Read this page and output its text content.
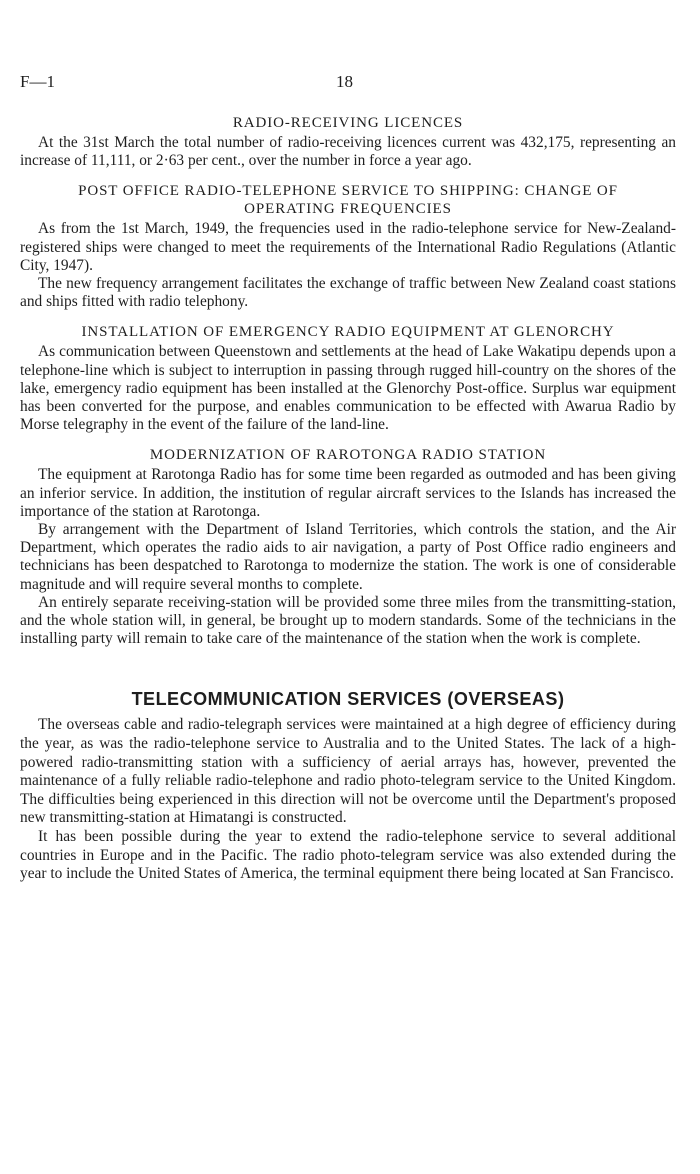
F—1	18
RADIO-RECEIVING LICENCES

At the 31st March the total number of radio-receiving licences current was 432,175, representing an increase of 11,111, or 2·63 per cent., over the number in force a year ago.

POST OFFICE RADIO-TELEPHONE SERVICE TO SHIPPING: CHANGE OF OPERATING FREQUENCIES

As from the 1st March, 1949, the frequencies used in the radio-telephone service for New-Zealand-registered ships were changed to meet the requirements of the International Radio Regulations (Atlantic City, 1947).

The new frequency arrangement facilitates the exchange of traffic between New Zealand coast stations and ships fitted with radio telephony.

INSTALLATION OF EMERGENCY RADIO EQUIPMENT AT GLENORCHY

As communication between Queenstown and settlements at the head of Lake Wakatipu depends upon a telephone-line which is subject to interruption in passing through rugged hill-country on the shores of the lake, emergency radio equipment has been installed at the Glenorchy Post-office. Surplus war equipment has been converted for the purpose, and enables communication to be effected with Awarua Radio by Morse telegraphy in the event of the failure of the land-line.

MODERNIZATION OF RAROTONGA RADIO STATION

The equipment at Rarotonga Radio has for some time been regarded as outmoded and has been giving an inferior service. In addition, the institution of regular aircraft services to the Islands has increased the importance of the station at Rarotonga.

By arrangement with the Department of Island Territories, which controls the station, and the Air Department, which operates the radio aids to air navigation, a party of Post Office radio engineers and technicians has been despatched to Rarotonga to modernize the station. The work is one of considerable magnitude and will require several months to complete.

An entirely separate receiving-station will be provided some three miles from the transmitting-station, and the whole station will, in general, be brought up to modern standards. Some of the technicians in the installing party will remain to take care of the maintenance of the station when the work is complete.

TELECOMMUNICATION SERVICES (OVERSEAS)

The overseas cable and radio-telegraph services were maintained at a high degree of efficiency during the year, as was the radio-telephone service to Australia and to the United States. The lack of a high-powered radio-transmitting station with a sufficiency of aerial arrays has, however, prevented the maintenance of a fully reliable radio-telephone and radio photo-telegram service to the United Kingdom. The difficulties being experienced in this direction will not be overcome until the Department's proposed new transmitting-station at Himatangi is constructed.

It has been possible during the year to extend the radio-telephone service to several additional countries in Europe and in the Pacific. The radio photo-telegram service was also extended during the year to include the United States of America, the terminal equipment there being located at San Francisco.
